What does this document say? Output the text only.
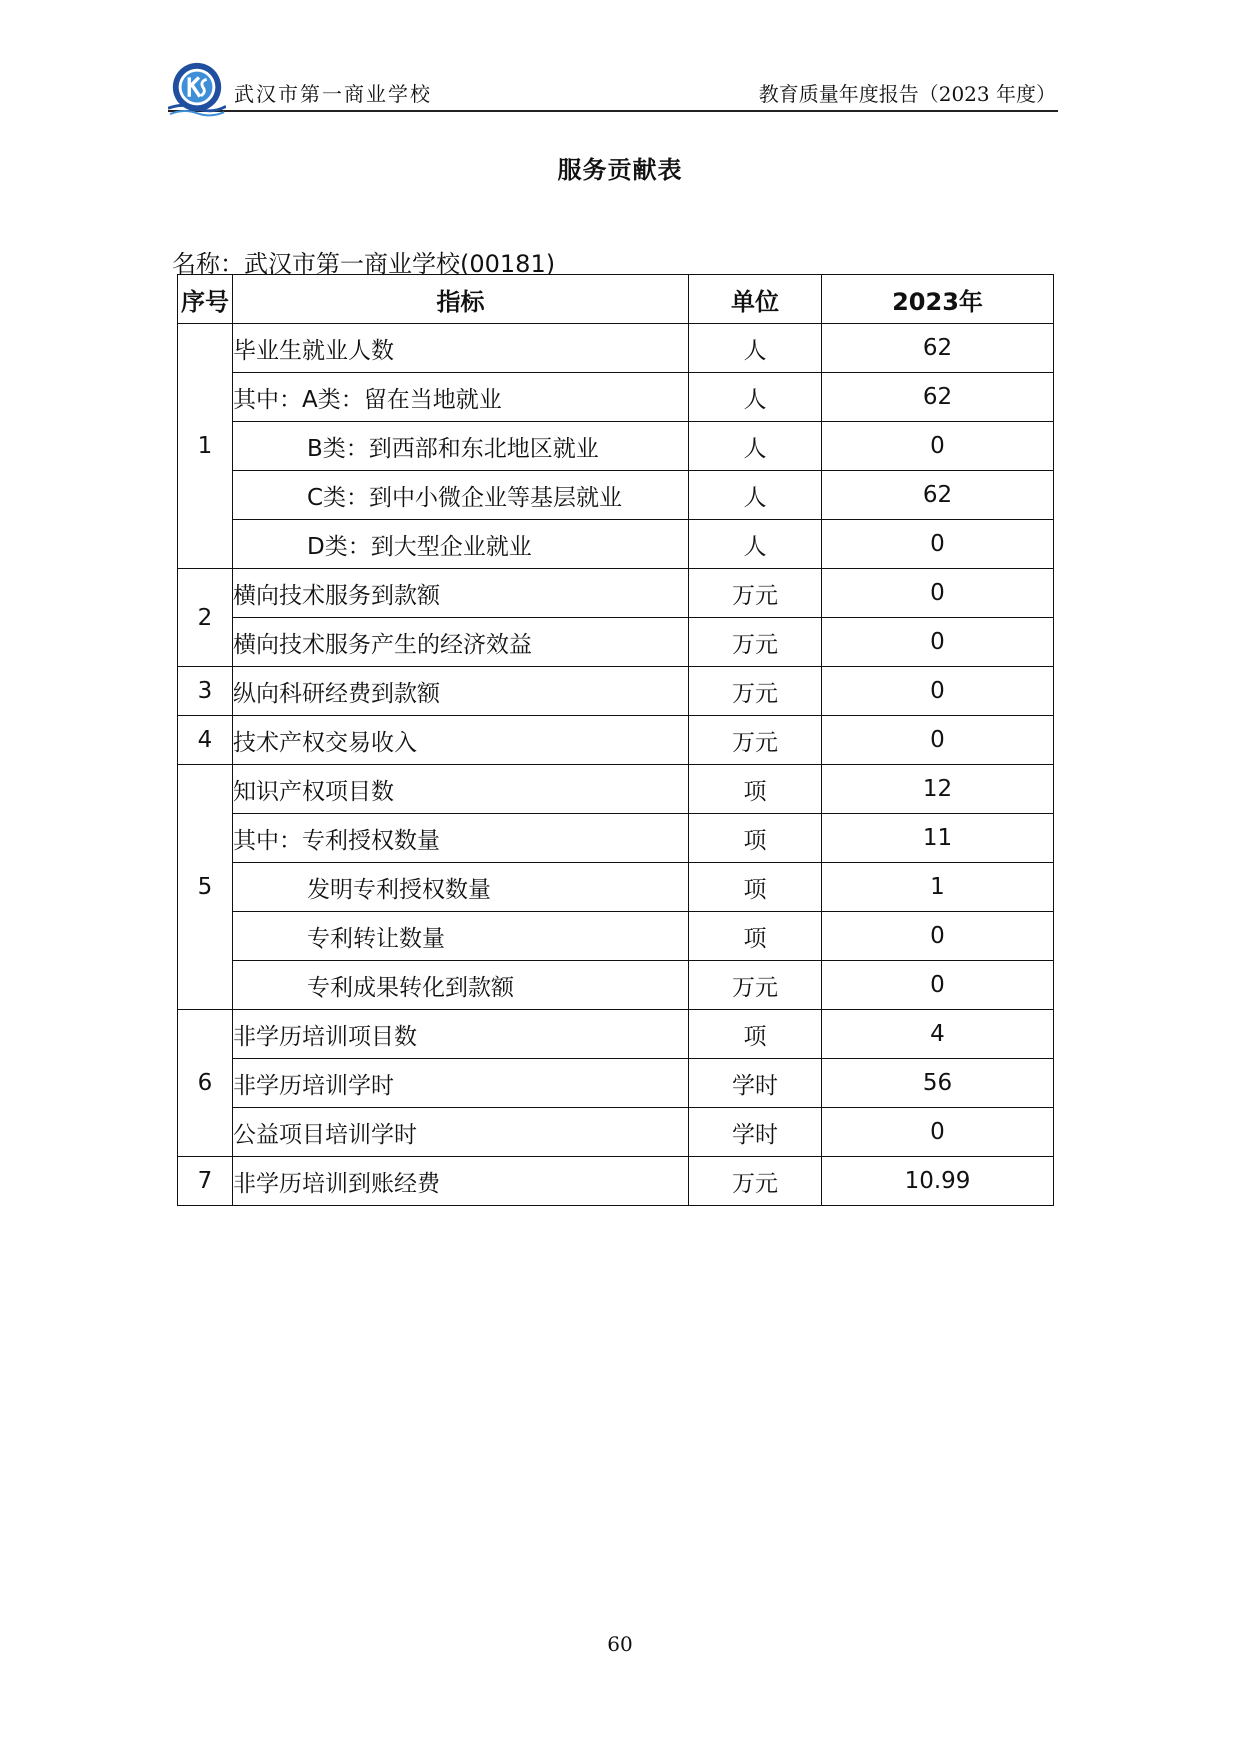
武汉市第一商业学校	教育质量年度报告（2023 年度）
服务贡献表
名称：武汉市第一商业学校(00181)
序号	指标	单位	2023年
1	毕业生就业人数	人	62
	其中：A类：留在当地就业	人	62
	B类：到西部和东北地区就业	人	0
	C类：到中小微企业等基层就业	人	62
	D类：到大型企业就业	人	0
2	横向技术服务到款额	万元	0
	横向技术服务产生的经济效益	万元	0
3	纵向科研经费到款额	万元	0
4	技术产权交易收入	万元	0
5	知识产权项目数	项	12
	其中：专利授权数量	项	11
	发明专利授权数量	项	1
	专利转让数量	项	0
	专利成果转化到款额	万元	0
6	非学历培训项目数	项	4
	非学历培训学时	学时	56
	公益项目培训学时	学时	0
7	非学历培训到账经费	万元	10.99
60
